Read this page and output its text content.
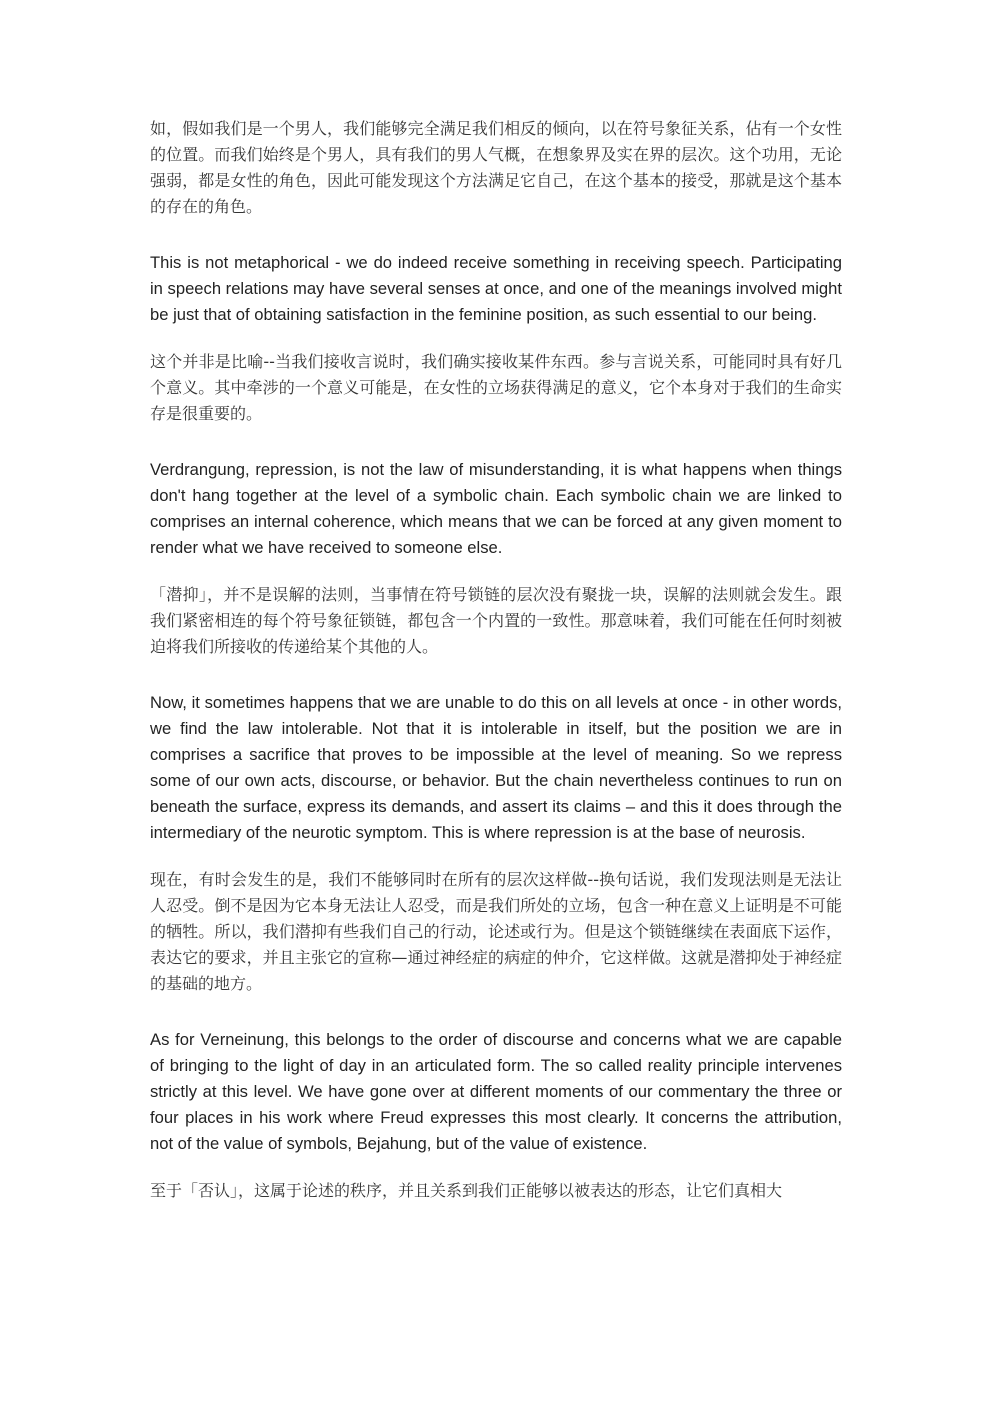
如，假如我们是一个男人，我们能够完全满足我们相反的倾向，以在符号象征关系，佔有一个女性的位置。而我们始终是个男人，具有我们的男人气概，在想象界及实在界的层次。这个功用，无论强弱，都是女性的角色，因此可能发现这个方法满足它自己，在这个基本的接受，那就是这个基本的存在的角色。

This is not metaphorical - we do indeed receive something in receiving speech. Participating in speech relations may have several senses at once, and one of the meanings involved might be just that of obtaining satisfaction in the feminine position, as such essential to our being.

这个并非是比喻--当我们接收言说时，我们确实接收某件东西。参与言说关系，可能同时具有好几个意义。其中牵涉的一个意义可能是，在女性的立场获得满足的意义，它个本身对于我们的生命实存是很重要的。

Verdrangung, repression, is not the law of misunderstanding, it is what happens when things don't hang together at the level of a symbolic chain. Each symbolic chain we are linked to comprises an internal coherence, which means that we can be forced at any given moment to render what we have received to someone else.

「潜抑」，并不是误解的法则，当事情在符号锁链的层次没有聚拢一块，误解的法则就会发生。跟我们紧密相连的每个符号象征锁链，都包含一个内置的一致性。那意味着，我们可能在任何时刻被迫将我们所接收的传递给某个其他的人。

Now, it sometimes happens that we are unable to do this on all levels at once - in other words, we find the law intolerable. Not that it is intolerable in itself, but the position we are in comprises a sacrifice that proves to be impossible at the level of meaning. So we repress some of our own acts, discourse, or behavior. But the chain nevertheless continues to run on beneath the surface, express its demands, and assert its claims – and this it does through the intermediary of the neurotic symptom. This is where repression is at the base of neurosis.

现在，有时会发生的是，我们不能够同时在所有的层次这样做--换句话说，我们发现法则是无法让人忍受。倒不是因为它本身无法让人忍受，而是我们所处的立场，包含一种在意义上证明是不可能的牺牲。所以，我们潜抑有些我们自己的行动，论述或行为。但是这个锁链继续在表面底下运作，表达它的要求，并且主张它的宣称—通过神经症的病症的仲介，它这样做。这就是潜抑处于神经症的基础的地方。

As for Verneinung, this belongs to the order of discourse and concerns what we are capable of bringing to the light of day in an articulated form. The so called reality principle intervenes strictly at this level. We have gone over at different moments of our commentary the three or four places in his work where Freud expresses this most clearly. It concerns the attribution, not of the value of symbols, Bejahung, but of the value of existence.

至于「否认」，这属于论述的秩序，并且关系到我们正能够以被表达的形态，让它们真相大
